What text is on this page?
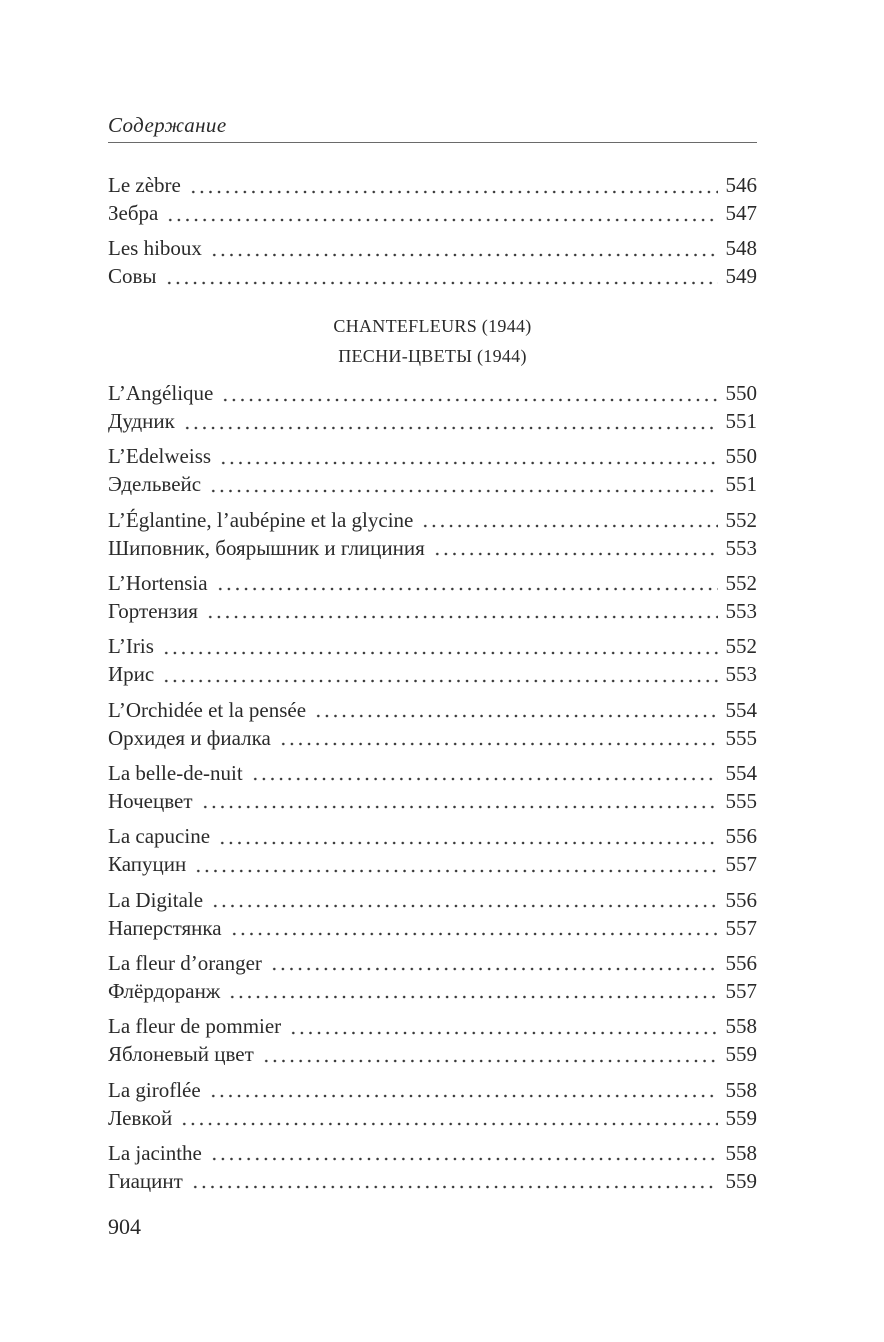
Содержание
Le zèbre	546
Зебра	547
Les hiboux	548
Совы	549
CHANTEFLEURS (1944)
ПЕСНИ-ЦВЕТЫ (1944)
L’Angélique	550
Дудник	551
L’Edelweiss	550
Эдельвейс	551
L’Églantine, l’aubépine et la glycine	552
Шиповник, боярышник и глициния	553
L’Hortensia	552
Гортензия	553
L’Iris	552
Ирис	553
L’Orchidée et la pensée	554
Орхидея и фиалка	555
La belle-de-nuit	554
Ночецвет	555
La capucine	556
Капуцин	557
La Digitale	556
Наперстянка	557
La fleur d’oranger	556
Флёрдоранж	557
La fleur de pommier	558
Яблоневый цвет	559
La giroflée	558
Левкой	559
La jacinthe	558
Гиацинт	559
904
